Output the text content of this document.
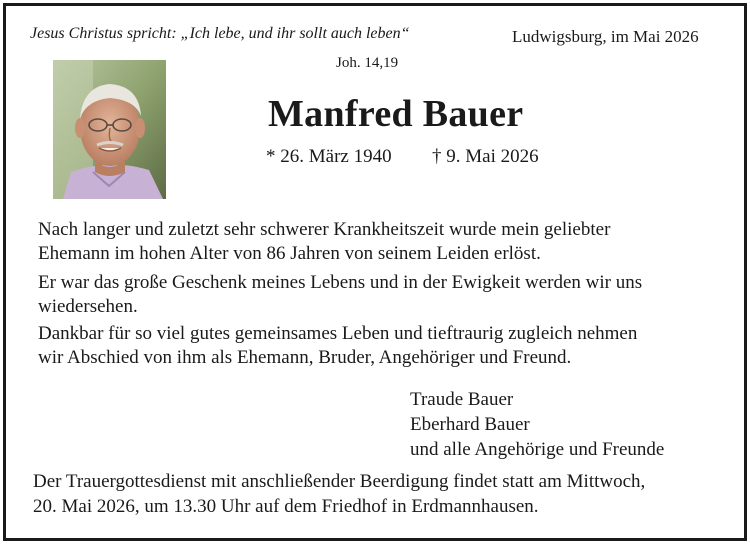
Jesus Christus spricht: „Ich lebe, und ihr sollt auch leben“
Joh. 14,19
Ludwigsburg, im Mai 2026
Manfred Bauer
* 26. März 1940 † 9. Mai 2026
Nach langer und zuletzt sehr schwerer Krankheitszeit wurde mein geliebter
Ehemann im hohen Alter von 86 Jahren von seinem Leiden erlöst.
Er war das große Geschenk meines Lebens und in der Ewigkeit werden wir uns
wiedersehen.
Dankbar für so viel gutes gemeinsames Leben und tieftraurig zugleich nehmen
wir Abschied von ihm als Ehemann, Bruder, Angehöriger und Freund.
Traude Bauer
Eberhard Bauer
und alle Angehörige und Freunde
Der Trauergottesdienst mit anschließender Beerdigung findet statt am Mittwoch,
20. Mai 2026, um 13.30 Uhr auf dem Friedhof in Erdmannhausen.
